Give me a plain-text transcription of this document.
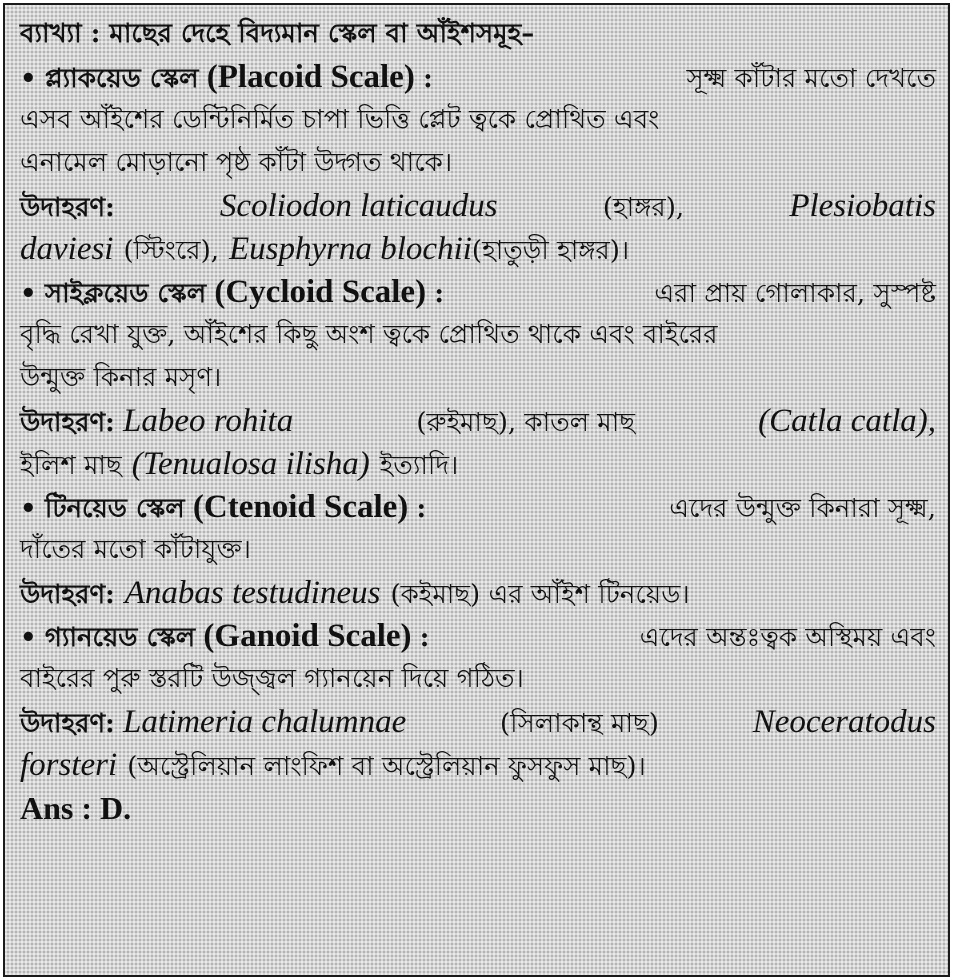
ব্যাখ্যা : মাছের দেহে বিদ্যমান স্কেল বা আঁইশসমূহ–
• প্ল্যাকয়েড স্কেল (Placoid Scale) :	সূক্ষ্ম কাঁটার মতো দেখতে
এসব আঁইশের ডেন্টিনির্মিত চাপা ভিত্তি প্লেট ত্বকে প্রোথিত এবং
এনামেল মোড়ানো পৃষ্ঠ কাঁটা উদ্গত থাকে।
উদাহরণ:	Scoliodon laticaudus	(হাঙ্গর),	Plesiobatis
daviesi (স্টিংরে), Eusphyrna blochii (হাতুড়ী হাঙ্গর)।
• সাইক্লয়েড স্কেল (Cycloid Scale) :	এরা প্রায় গোলাকার, সুস্পষ্ট
বৃদ্ধি রেখা যুক্ত, আঁইশের কিছু অংশ ত্বকে প্রোথিত থাকে এবং বাইরের
উন্মুক্ত কিনার মসৃণ।
উদাহরণ: Labeo rohita	(রুইমাছ), কাতল মাছ	(Catla catla),
ইলিশ মাছ (Tenualosa ilisha) ইত্যাদি।
• টিনয়েড স্কেল (Ctenoid Scale) :	এদের উন্মুক্ত কিনারা সূক্ষ্ম,
দাঁতের মতো কাঁটাযুক্ত।
উদাহরণ: Anabas testudineus (কইমাছ) এর আঁইশ টিনয়েড।
• গ্যানয়েড স্কেল (Ganoid Scale) :	এদের অন্তঃত্বক অস্থিময় এবং
বাইরের পুরু স্তরটি উজ্জ্বল গ্যানয়েন দিয়ে গঠিত।
উদাহরণ: Latimeria chalumnae	(সিলাকান্থ মাছ)	Neoceratodus
forsteri (অস্ট্রেলিয়ান লাংফিশ বা অস্ট্রেলিয়ান ফুসফুস মাছ)।
Ans : D.
